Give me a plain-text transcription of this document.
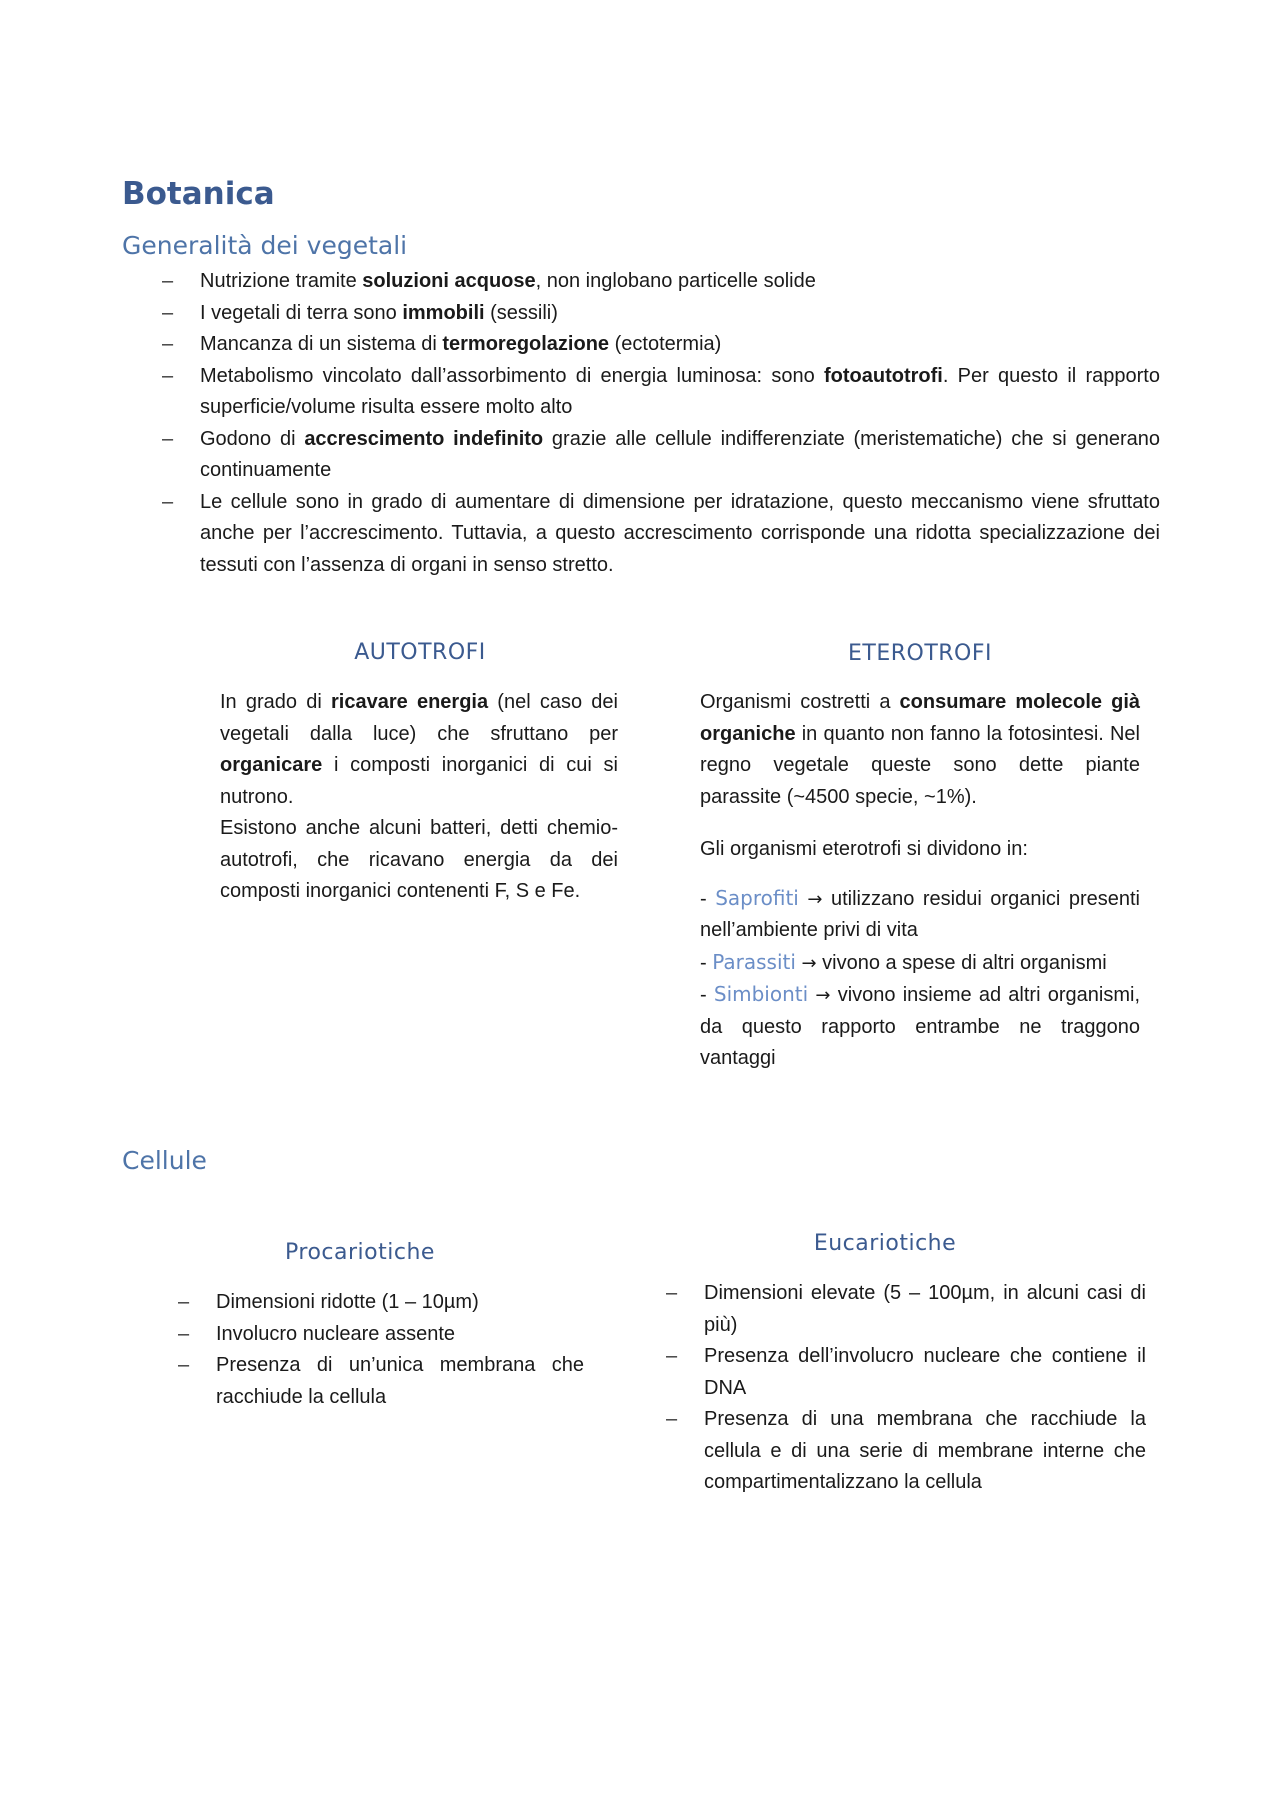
Botanica
Generalità dei vegetali
– Nutrizione tramite soluzioni acquose, non inglobano particelle solide
– I vegetali di terra sono immobili (sessili)
– Mancanza di un sistema di termoregolazione (ectotermia)
– Metabolismo vincolato dall’assorbimento di energia luminosa: sono fotoautotrofi. Per questo il rapporto superficie/volume risulta essere molto alto
– Godono di accrescimento indefinito grazie alle cellule indifferenziate (meristematiche) che si generano continuamente
– Le cellule sono in grado di aumentare di dimensione per idratazione, questo meccanismo viene sfruttato anche per l’accrescimento. Tuttavia, a questo accrescimento corrisponde una ridotta specializzazione dei tessuti con l’assenza di organi in senso stretto.
AUTOTROFI

In grado di ricavare energia (nel caso dei vegetali dalla luce) che sfruttano per organicare i composti inorganici di cui si nutrono.

Esistono anche alcuni batteri, detti chemio-autotrofi, che ricavano energia da dei composti inorganici contenenti F, S e Fe.

ETEROTROFI

Organismi costretti a consumare molecole già organiche in quanto non fanno la fotosintesi. Nel regno vegetale queste sono dette piante parassite (~4500 specie, ~1%).

Gli organismi eterotrofi si dividono in:

- Saprofiti → utilizzano residui organici presenti nell’ambiente privi di vita

- Parassiti → vivono a spese di altri organismi

- Simbionti → vivono insieme ad altri organismi, da questo rapporto entrambe ne traggono vantaggi

Cellule
Procariotiche
– Dimensioni ridotte (1 – 10µm)
– Involucro nucleare assente
– Presenza di un’unica membrana che racchiude la cellula
Eucariotiche
– Dimensioni elevate (5 – 100µm, in alcuni casi di più)
– Presenza dell’involucro nucleare che contiene il DNA
– Presenza di una membrana che racchiude la cellula e di una serie di membrane interne che compartimentalizzano la cellula
